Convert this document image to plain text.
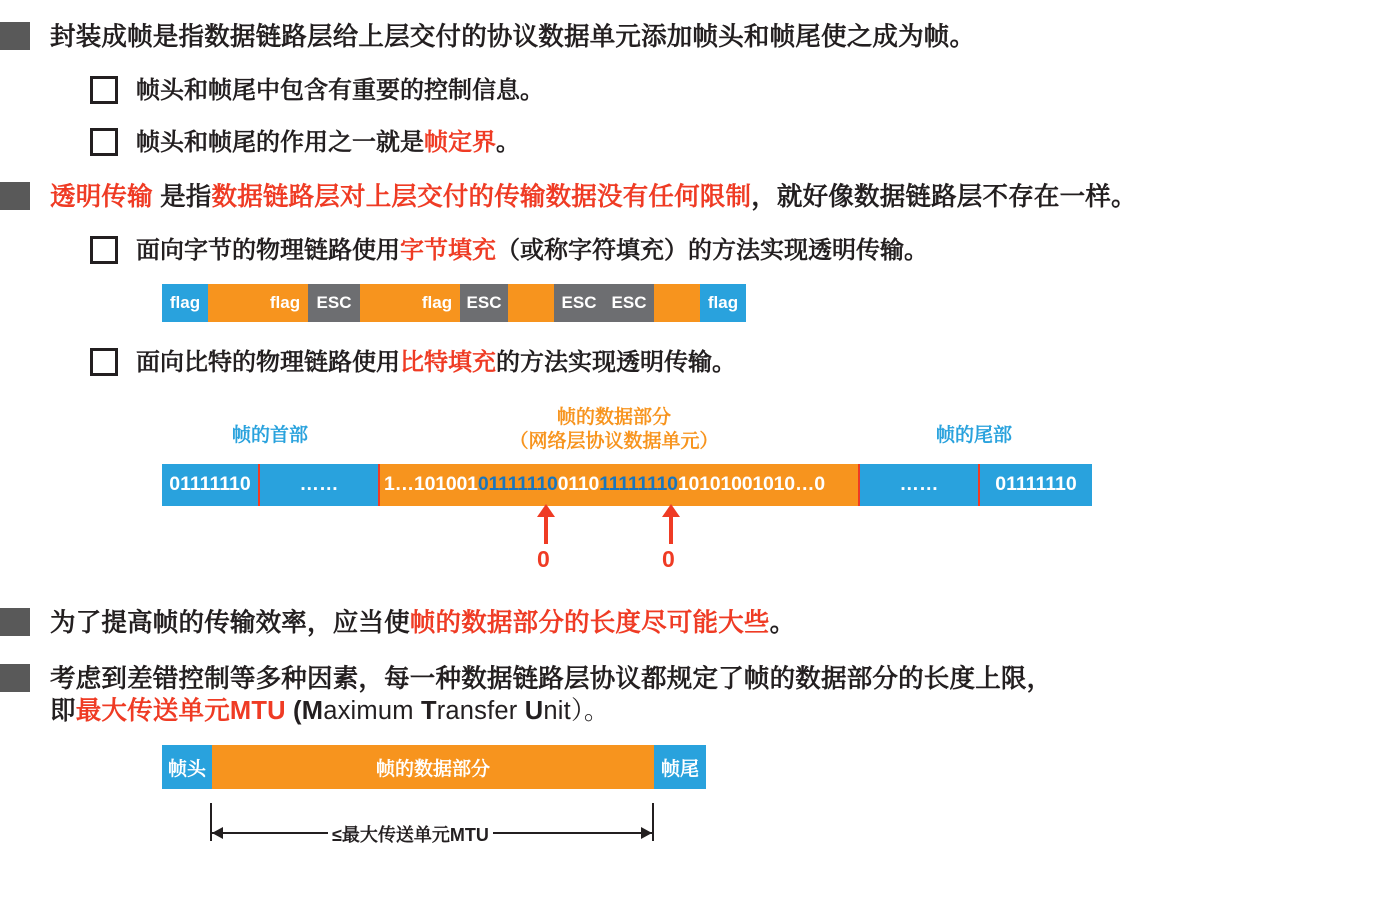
封装成帧是指数据链路层给上层交付的协议数据单元添加帧头和帧尾使之成为帧。
帧头和帧尾中包含有重要的控制信息。
帧头和帧尾的作用之一就是帧定界。
透明传输 是指数据链路层对上层交付的传输数据没有任何限制，就好像数据链路层不存在一样。
面向字节的物理链路使用字节填充（或称字符填充）的方法实现透明传输。
flag	flag ESC	flag ESC	ESC ESC	flag
面向比特的物理链路使用比特填充的方法实现透明传输。
帧的首部
帧的数据部分
（网络层协议数据单元）	帧的尾部
01111110	……	1…101001 01111110 0110 11111110 10101001010…0	……	01111110
0	0
为了提高帧的传输效率，应当使帧的数据部分的长度尽可能大些。
考虑到差错控制等多种因素，每一种数据链路层协议都规定了帧的数据部分的长度上限，
即最大传送单元MTU (Maximum Transfer Unit）。
帧头	帧的数据部分	帧尾
≤最大传送单元MTU
